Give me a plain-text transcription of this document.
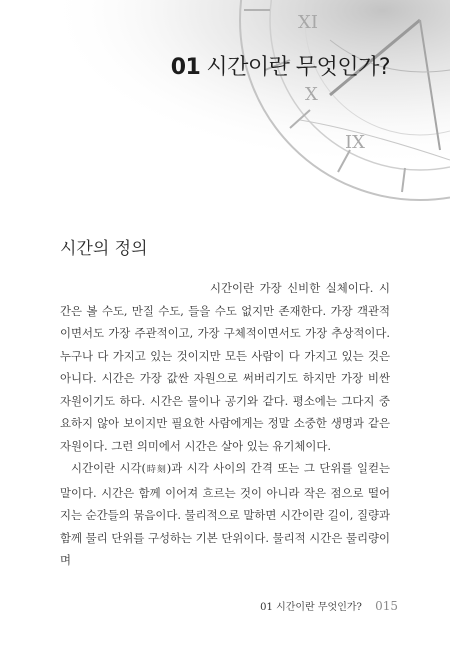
XI
X
IX
01 시간이란 무엇인가?
시간의 정의

시간이란 가장 신비한 실체이다. 시간은 볼 수도, 만질 수도, 들을 수도 없지만 존재한다. 가장 객관적이면서도 가장 주관적이고, 가장 구체적이면서도 가장 추상적이다. 누구나 다 가지고 있는 것이지만 모든 사람이 다 가지고 있는 것은 아니다. 시간은 가장 값싼 자원으로 써버리기도 하지만 가장 비싼 자원이기도 하다. 시간은 물이나 공기와 같다. 평소에는 그다지 중요하지 않아 보이지만 필요한 사람에게는 정말 소중한 생명과 같은 자원이다. 그런 의미에서 시간은 살아 있는 유기체이다.

시간이란 시각(時刻)과 시각 사이의 간격 또는 그 단위를 일컫는 말이다. 시간은 함께 이어져 흐르는 것이 아니라 작은 점으로 떨어지는 순간들의 묶음이다. 물리적으로 말하면 시간이란 길이, 질량과 함께 물리 단위를 구성하는 기본 단위이다. 물리적 시간은 물리량이며

01 시간이란 무엇인가? 015
